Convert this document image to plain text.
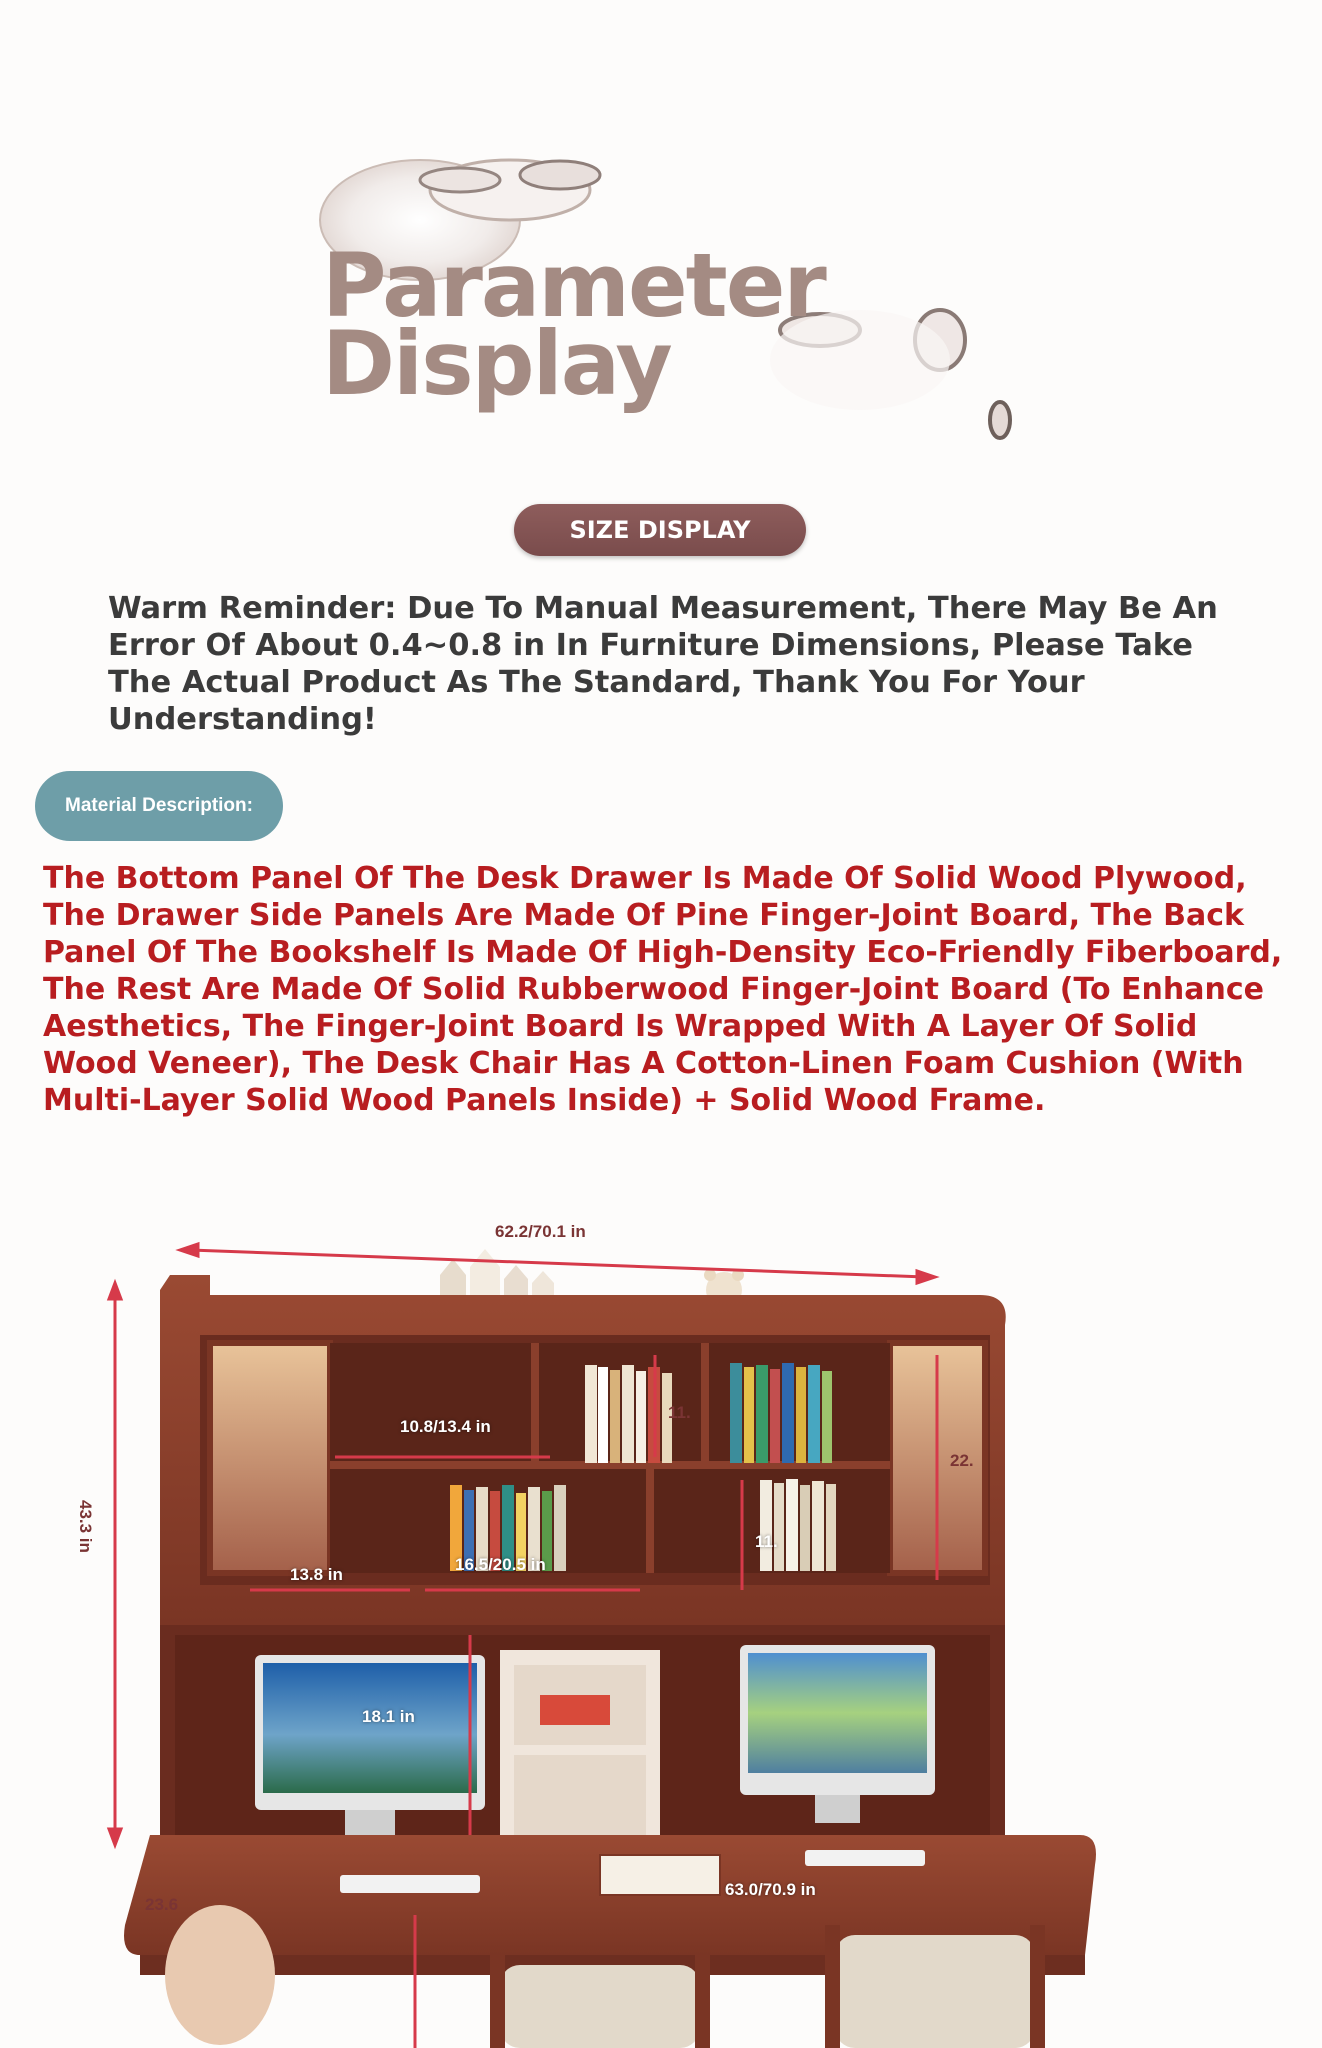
Parameter
Display
SIZE DISPLAY
Warm Reminder: Due To Manual Measurement, There May Be An Error Of About 0.4~0.8 in In Furniture Dimensions, Please Take The Actual Product As The Standard, Thank You For Your Understanding!
Material Description:
The Bottom Panel Of The Desk Drawer Is Made Of Solid Wood Plywood, The Drawer Side Panels Are Made Of Pine Finger-Joint Board, The Back Panel Of The Bookshelf Is Made Of High-Density Eco-Friendly Fiberboard, The Rest Are Made Of Solid Rubberwood Finger-Joint Board (To Enhance Aesthetics, The Finger-Joint Board Is Wrapped With A Layer Of Solid Wood Veneer), The Desk Chair Has A Cotton-Linen Foam Cushion (With Multi-Layer Solid Wood Panels Inside) + Solid Wood Frame.
62.2/70.1 in
43.3 in
10.8/13.4 in
11.
22.
13.8 in
16.5/20.5 in
11.
18.1 in
23.6
63.0/70.9 in
